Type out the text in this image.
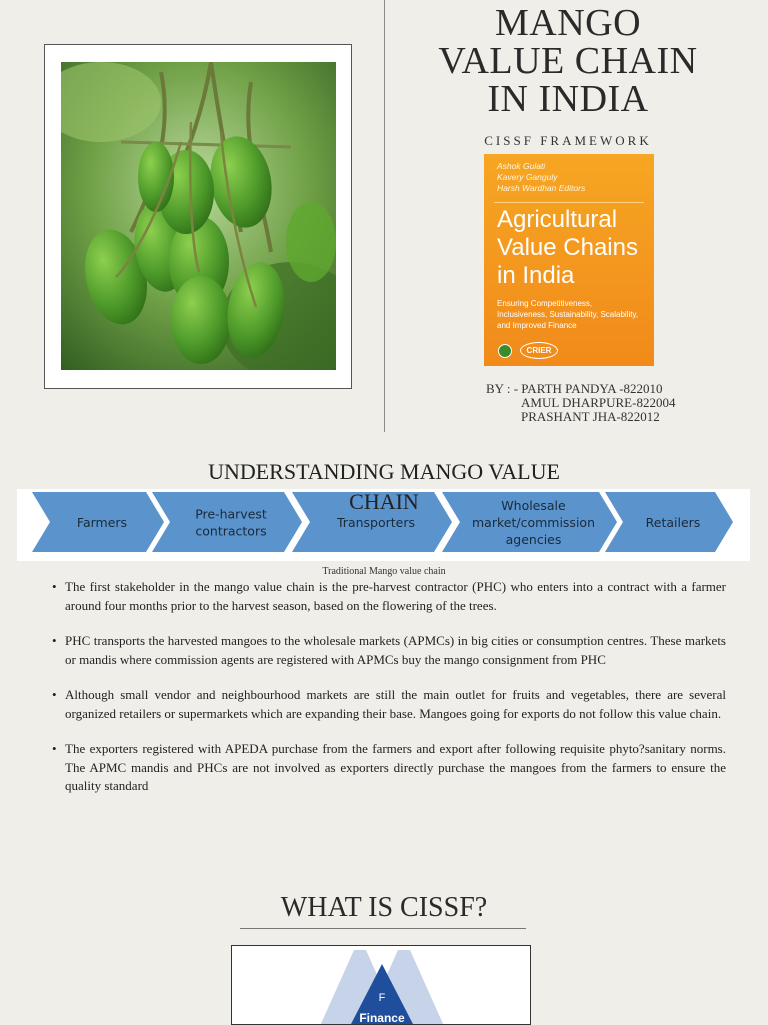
MANGO
VALUE CHAIN
IN INDIA
CISSF FRAMEWORK
Ashok Gulati
Kavery Ganguly
Harsh Wardhan Editors
Agricultural
Value Chains
in India
Ensuring Competitiveness,
Inclusiveness, Sustainability, Scalability,
and Improved Finance
CRIER
BY : - PARTH PANDYA -822010
AMUL DHARPURE-822004
PRASHANT JHA-822012
UNDERSTANDING MANGO VALUE
Farmers
Pre-harvest
contractors
Transporters
Wholesale
market/commission
agencies
Retailers
CHAIN
Traditional Mango value chain
• The first stakeholder in the mango value chain is the pre-harvest contractor (PHC) who enters into a contract with a farmer around four months prior to the harvest season, based on the flowering of the trees.
• PHC transports the harvested mangoes to the wholesale markets (APMCs) in big cities or consumption centres. These markets or mandis where commission agents are registered with APMCs buy the mango consignment from PHC
• Although small vendor and neighbourhood markets are still the main outlet for fruits and vegetables, there are several organized retailers or supermarkets which are expanding their base. Mangoes going for exports do not follow this value chain.
• The exporters registered with APEDA purchase from the farmers and export after following requisite phyto?sanitary norms. The APMC mandis and PHCs are not involved as exporters directly purchase the mangoes from the farmers to ensure the quality standard
WHAT IS CISSF?
F
Finance
